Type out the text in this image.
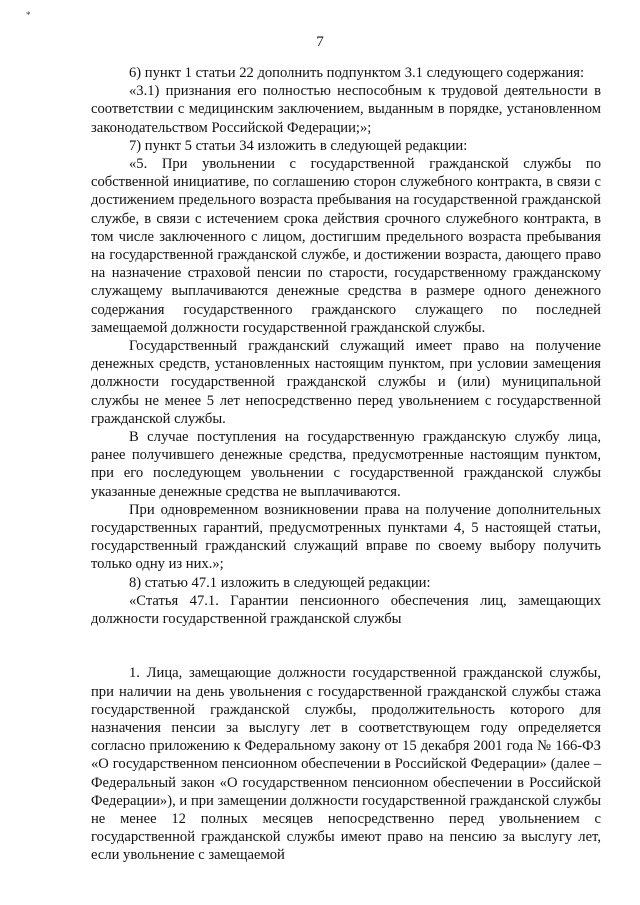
*
7

6) пункт 1 статьи 22 дополнить подпунктом 3.1 следующего содержания:

«3.1) признания его полностью неспособным к трудовой деятельности в соответствии с медицинским заключением, выданным в порядке, установленном законодательством Российской Федерации;»;

7) пункт 5 статьи 34 изложить в следующей редакции:

«5. При увольнении с государственной гражданской службы по собственной инициативе, по соглашению сторон служебного контракта, в связи с достижением предельного возраста пребывания на государственной гражданской службе, в связи с истечением срока действия срочного служебного контракта, в том числе заключенного с лицом, достигшим предельного возраста пребывания на государственной гражданской службе, и достижении возраста, дающего право на назначение страховой пенсии по старости, государственному гражданскому служащему выплачиваются денежные средства в размере одного денежного содержания государственного гражданского служащего по последней замещаемой должности государственной гражданской службы.

Государственный гражданский служащий имеет право на получение денежных средств, установленных настоящим пунктом, при условии замещения должности государственной гражданской службы и (или) муниципальной службы не менее 5 лет непосредственно перед увольнением с государственной гражданской службы.

В случае поступления на государственную гражданскую службу лица, ранее получившего денежные средства, предусмотренные настоящим пунктом, при его последующем увольнении с государственной гражданской службы указанные денежные средства не выплачиваются.

При одновременном возникновении права на получение дополнительных государственных гарантий, предусмотренных пунктами 4, 5 настоящей статьи, государственный гражданский служащий вправе по своему выбору получить только одну из них.»;

8) статью 47.1 изложить в следующей редакции:

«Статья 47.1. Гарантии пенсионного обеспечения лиц, замещающих должности государственной гражданской службы

1. Лица, замещающие должности государственной гражданской службы, при наличии на день увольнения с государственной гражданской службы стажа государственной гражданской службы, продолжительность которого для назначения пенсии за выслугу лет в соответствующем году определяется согласно приложению к Федеральному закону от 15 декабря 2001 года № 166-ФЗ «О государственном пенсионном обеспечении в Российской Федерации» (далее – Федеральный закон «О государственном пенсионном обеспечении в Российской Федерации»), и при замещении должности государственной гражданской службы не менее 12 полных месяцев непосредственно перед увольнением с государственной гражданской службы имеют право на пенсию за выслугу лет, если увольнение с замещаемой
